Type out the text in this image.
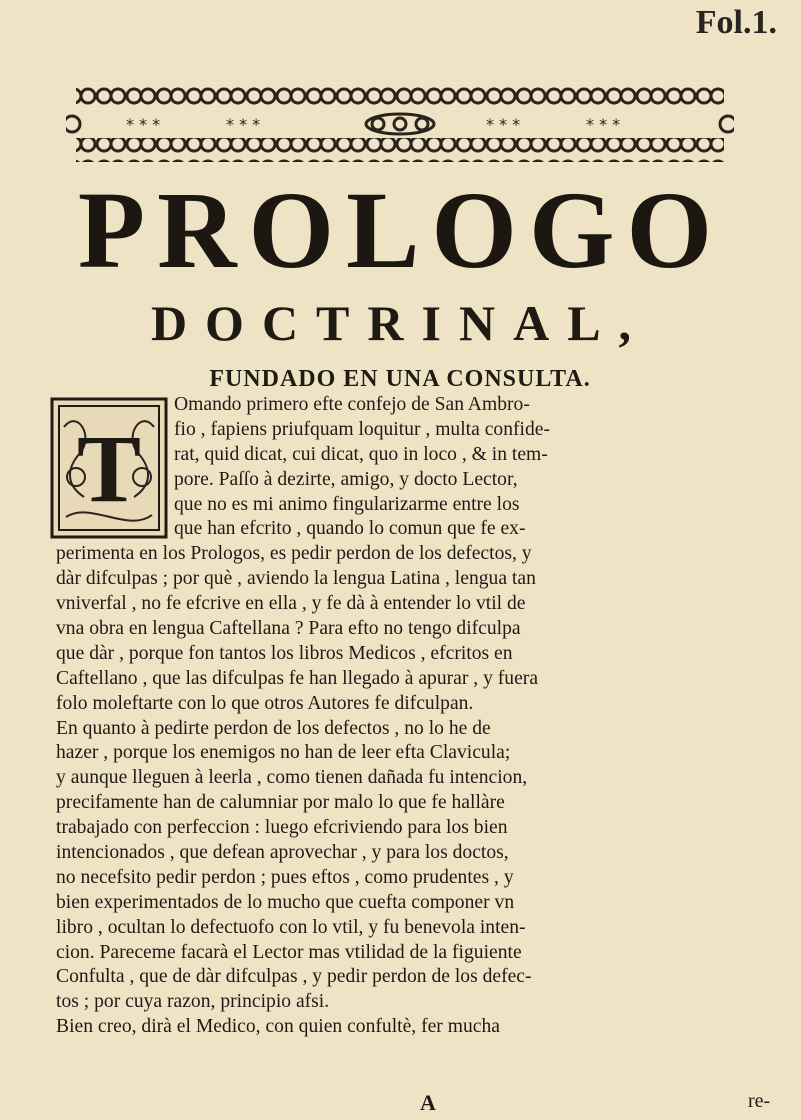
Fol.1.
* * *	* * *	* * *	* * *
PROLOGO
DOCTRINAL,
FUNDADO EN UNA CONSULTA.
T
Omando primero efte confejo de San Ambro-
fio , fapiens priufquam loquitur , multa confide-
rat, quid dicat, cui dicat, quo in loco , & in tem-
pore. Paſſo à dezirte, amigo, y docto Lector,
que no es mi animo fingularizarme entre los
que han efcrito , quando lo comun que fe ex-
perimenta en los Prologos, es pedir perdon de los defectos, y
dàr difculpas ; por què , aviendo la lengua Latina , lengua tan
vniverfal , no fe efcrive en ella , y fe dà à entender lo vtil de
vna obra en lengua Caftellana ? Para efto no tengo difculpa
que dàr , porque fon tantos los libros Medicos , efcritos en
Caftellano , que las difculpas fe han llegado à apurar , y fuera
folo moleftarte con lo que otros Autores fe difculpan.
En quanto à pedirte perdon de los defectos , no lo he de
hazer , porque los enemigos no han de leer efta Clavicula;
y aunque lleguen à leerla , como tienen dañada fu intencion,
precifamente han de calumniar por malo lo que fe hallàre
trabajado con perfeccion : luego efcriviendo para los bien
intencionados , que defean aprovechar , y para los doctos,
no necefsito pedir perdon ; pues eftos , como prudentes , y
bien experimentados de lo mucho que cuefta componer vn
libro , ocultan lo defectuofo con lo vtil, y fu benevola inten-
cion. Pareceme facarà el Lector mas vtilidad de la figuiente
Confulta , que de dàr difculpas , y pedir perdon de los defec-
tos ; por cuya razon, principio afsi.
Bien creo, dirà el Medico, con quien confultè, fer mucha
A	re-
